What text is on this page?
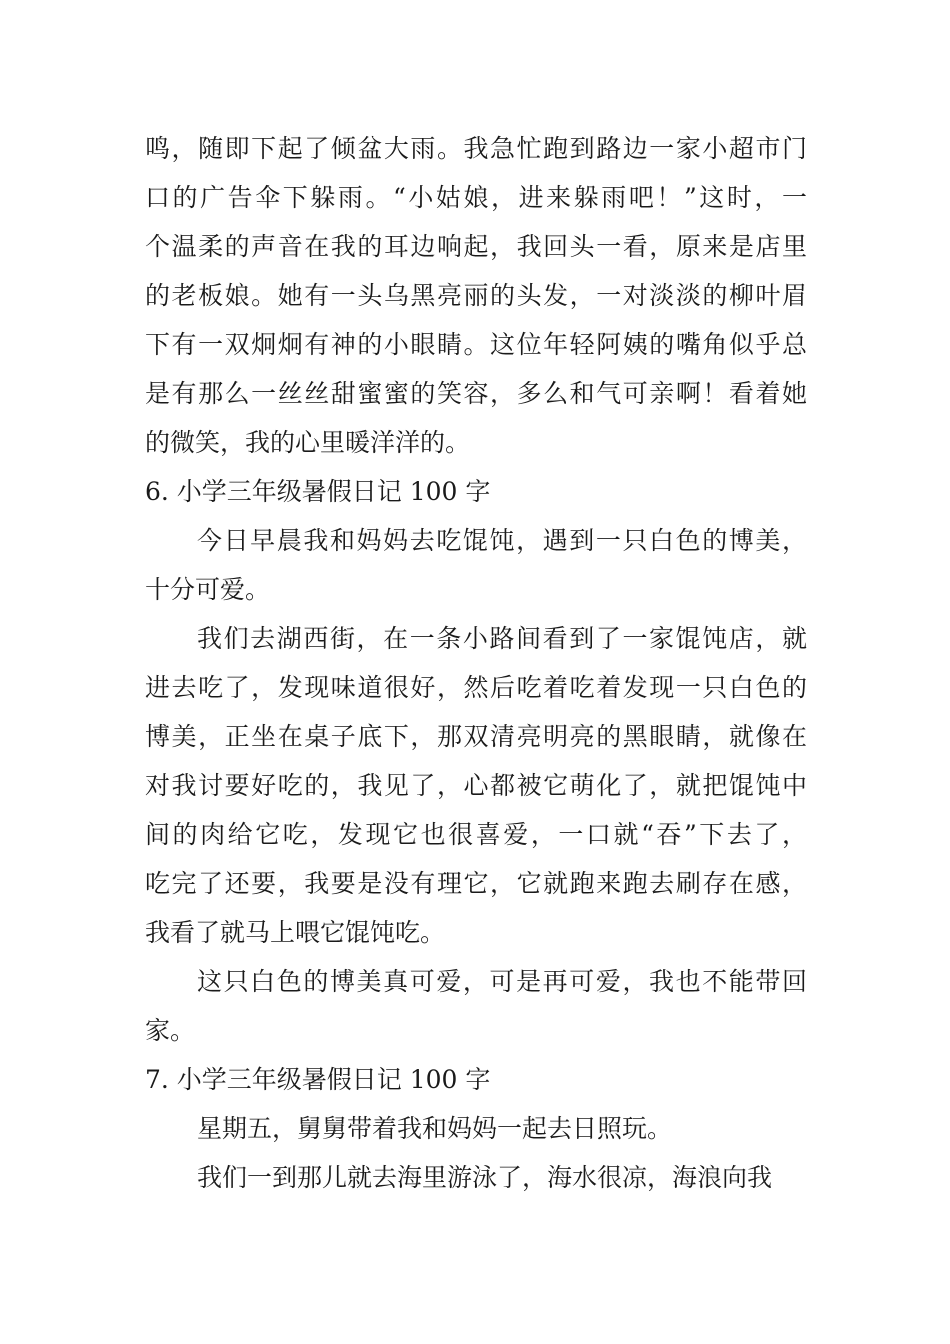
鸣，随即下起了倾盆大雨。我急忙跑到路边一家小超市门
口的广告伞下躲雨。“小姑娘，进来躲雨吧！”这时，一
个温柔的声音在我的耳边响起，我回头一看，原来是店里
的老板娘。她有一头乌黑亮丽的头发，一对淡淡的柳叶眉
下有一双炯炯有神的小眼睛。这位年轻阿姨的嘴角似乎总
是有那么一丝丝甜蜜蜜的笑容，多么和气可亲啊！看着她
的微笑，我的心里暖洋洋的。
6. 小学三年级暑假日记 100 字
今日早晨我和妈妈去吃馄饨，遇到一只白色的博美，
十分可爱。
我们去湖西街，在一条小路间看到了一家馄饨店，就
进去吃了，发现味道很好，然后吃着吃着发现一只白色的
博美，正坐在桌子底下，那双清亮明亮的黑眼睛，就像在
对我讨要好吃的，我见了，心都被它萌化了，就把馄饨中
间的肉给它吃，发现它也很喜爱，一口就“吞”下去了，
吃完了还要，我要是没有理它，它就跑来跑去刷存在感，
我看了就马上喂它馄饨吃。
这只白色的博美真可爱，可是再可爱，我也不能带回
家。
7. 小学三年级暑假日记 100 字
星期五，舅舅带着我和妈妈一起去日照玩。
我们一到那儿就去海里游泳了，海水很凉，海浪向我
